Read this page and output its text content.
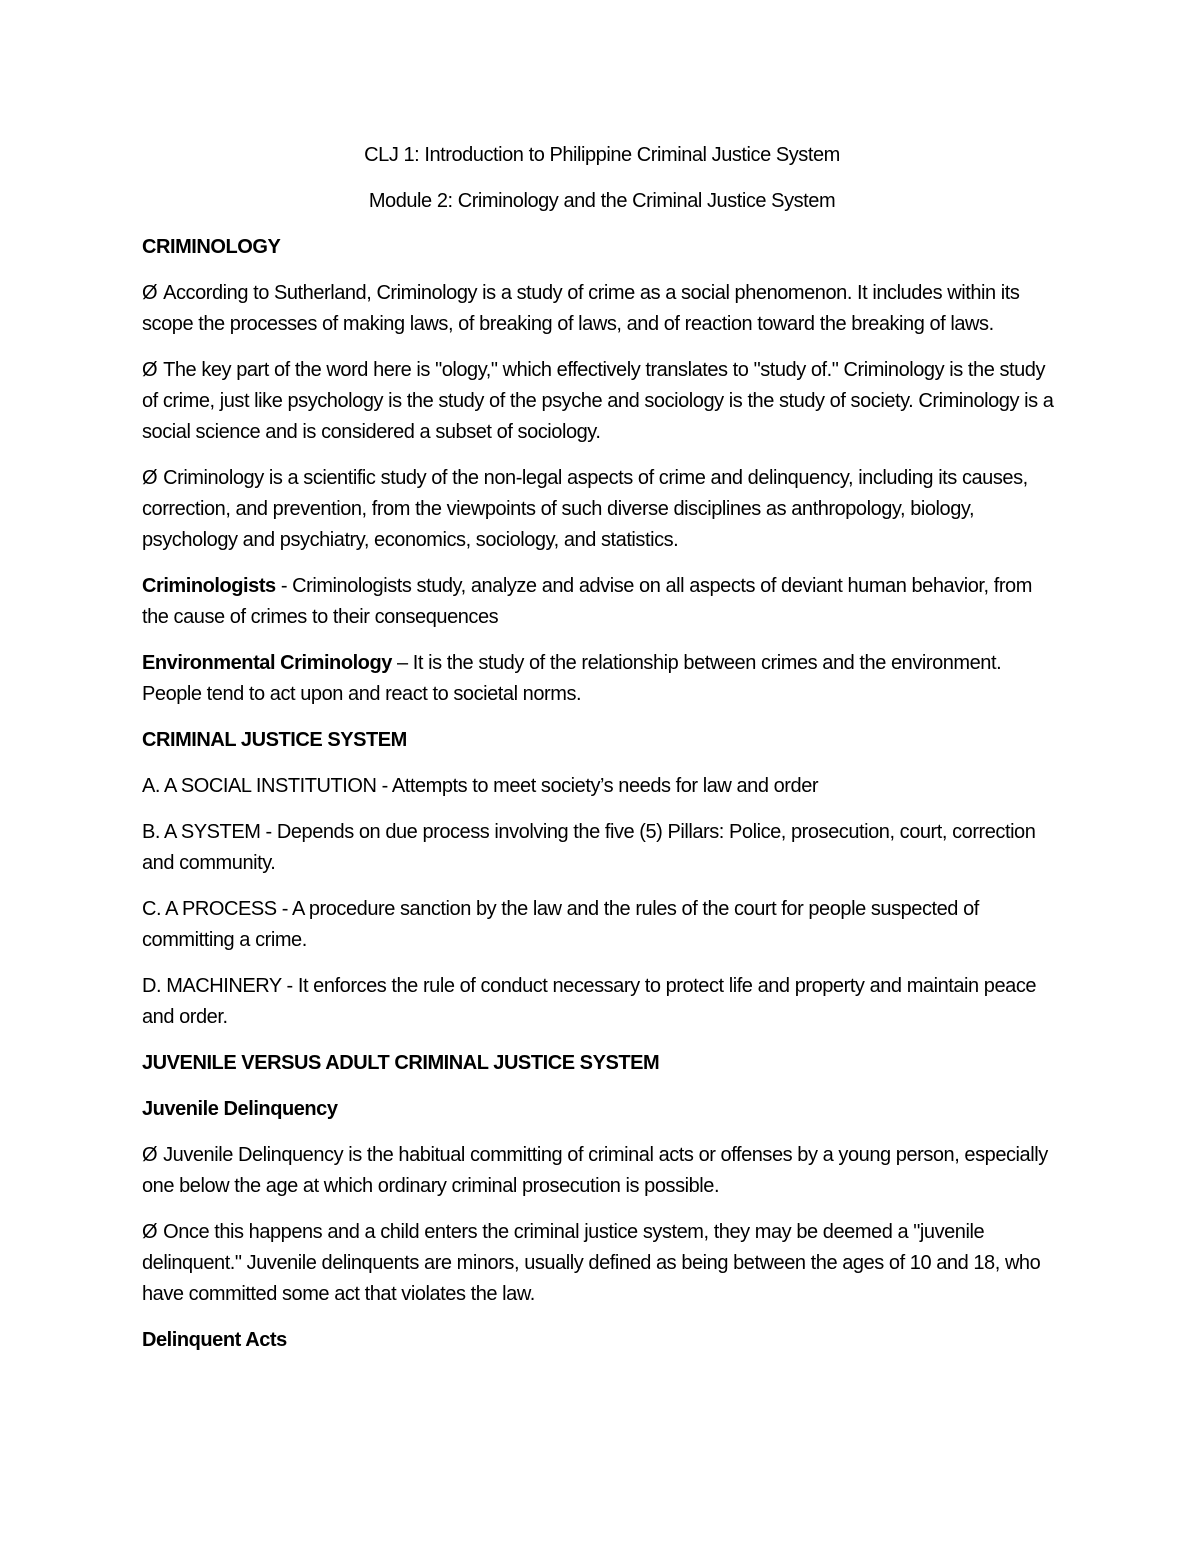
CLJ 1: Introduction to Philippine Criminal Justice System

Module 2: Criminology and the Criminal Justice System

CRIMINOLOGY

Ø According to Sutherland, Criminology is a study of crime as a social phenomenon. It includes within its scope the processes of making laws, of breaking of laws, and of reaction toward the breaking of laws.

Ø The key part of the word here is "ology," which effectively translates to "study of." Criminology is the study of crime, just like psychology is the study of the psyche and sociology is the study of society. Criminology is a social science and is considered a subset of sociology.

Ø Criminology is a scientific study of the non-legal aspects of crime and delinquency, including its causes, correction, and prevention, from the viewpoints of such diverse disciplines as anthropology, biology, psychology and psychiatry, economics, sociology, and statistics.

Criminologists - Criminologists study, analyze and advise on all aspects of deviant human behavior, from the cause of crimes to their consequences

Environmental Criminology – It is the study of the relationship between crimes and the environment. People tend to act upon and react to societal norms.

CRIMINAL JUSTICE SYSTEM

A. A SOCIAL INSTITUTION - Attempts to meet society’s needs for law and order

B. A SYSTEM - Depends on due process involving the five (5) Pillars: Police, prosecution, court, correction and community.

C. A PROCESS - A procedure sanction by the law and the rules of the court for people suspected of committing a crime.

D. MACHINERY - It enforces the rule of conduct necessary to protect life and property and maintain peace and order.

JUVENILE VERSUS ADULT CRIMINAL JUSTICE SYSTEM

Juvenile Delinquency

Ø Juvenile Delinquency is the habitual committing of criminal acts or offenses by a young person, especially one below the age at which ordinary criminal prosecution is possible.

Ø Once this happens and a child enters the criminal justice system, they may be deemed a "juvenile delinquent." Juvenile delinquents are minors, usually defined as being between the ages of 10 and 18, who have committed some act that violates the law.

Delinquent Acts
